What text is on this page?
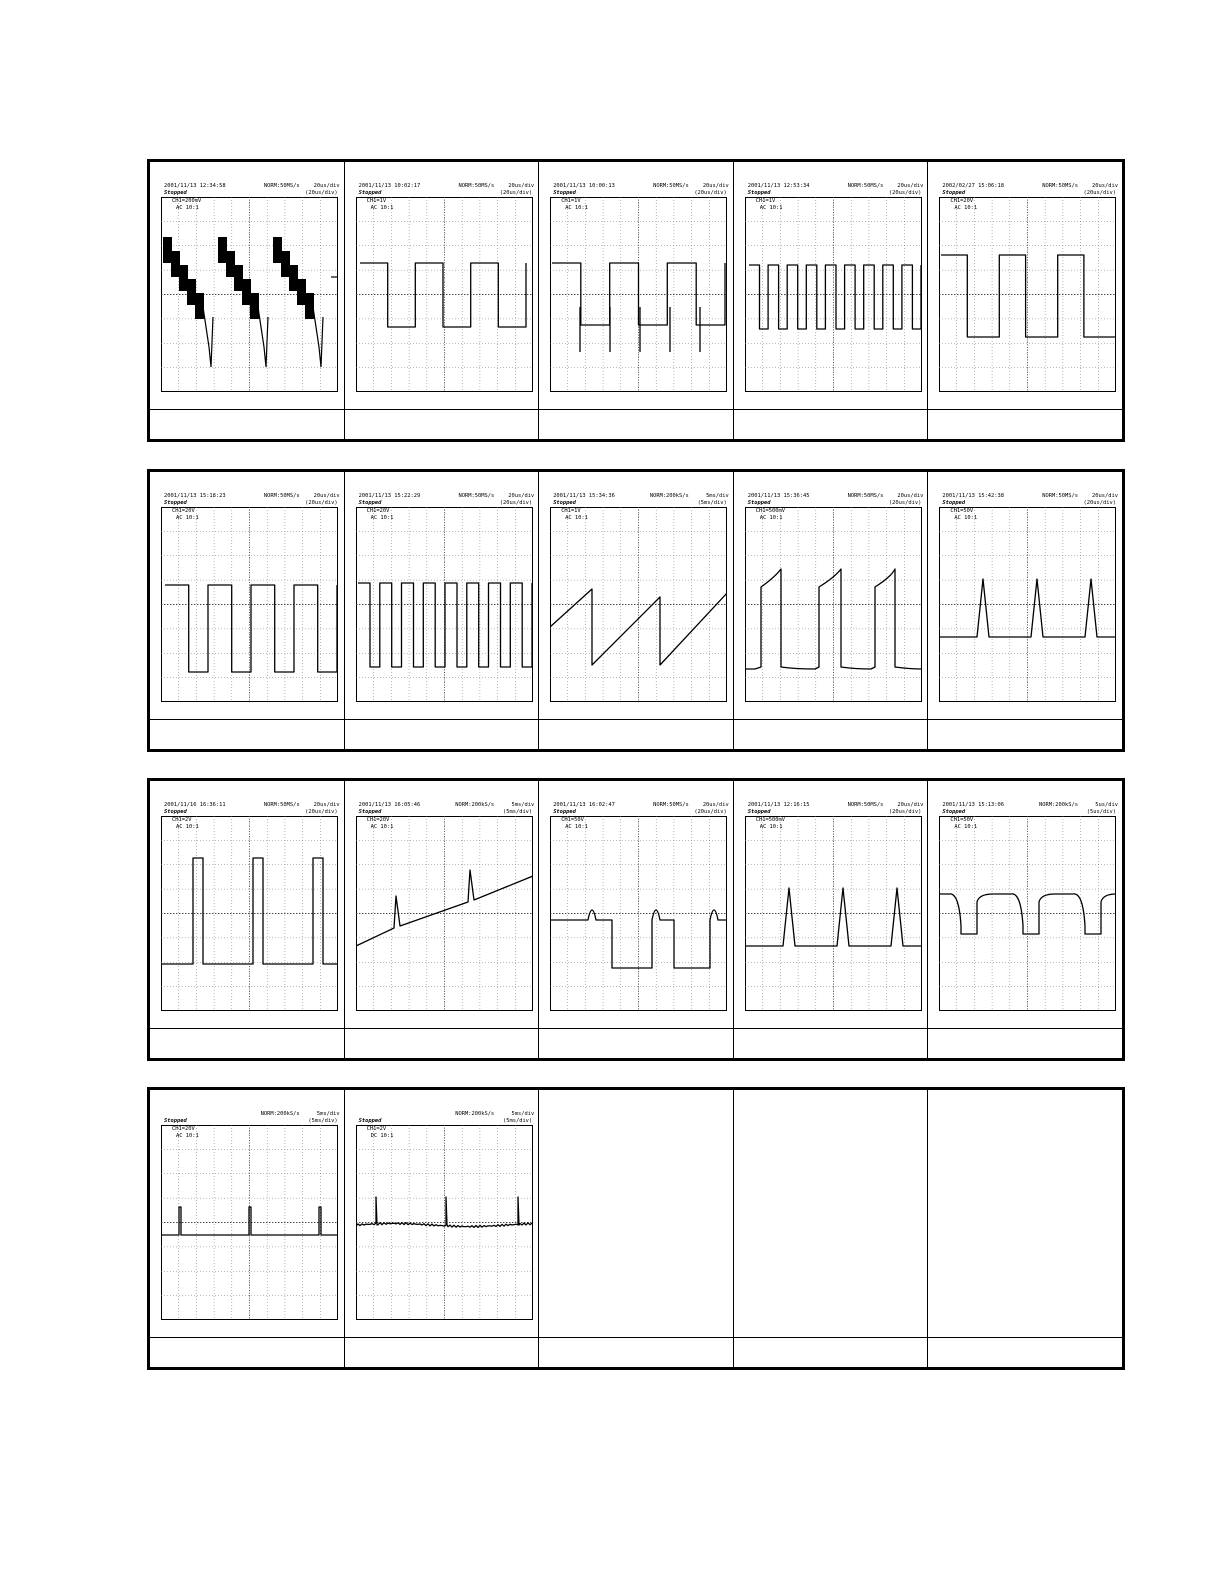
2001/11/13 12:34:58
Stopped
NORM:50MS/s	20us/div
(20us/div)
CH1=200mV
AC 10:1
2001/11/13 10:02:17
Stopped
NORM:50MS/s	20us/div
(20us/div)
CH1=1V
AC 10:1
2001/11/13 10:00:13
Stopped
NORM:50MS/s	20us/div
(20us/div)
CH1=1V
AC 10:1
2001/11/13 12:53:34
Stopped
NORM:50MS/s	20us/div
(20us/div)
CH1=1V
AC 10:1
2002/02/27 15:06:18
Stopped
NORM:50MS/s	20us/div
(20us/div)
CH1=20V
AC 10:1
2001/11/13 15:18:23
Stopped
NORM:50MS/s	20us/div
(20us/div)
CH1=20V
AC 10:1
2001/11/13 15:22:29
Stopped
NORM:50MS/s	20us/div
(20us/div)
CH1=20V
AC 10:1
2001/11/13 15:34:36
Stopped
NORM:200kS/s	5ms/div
(5ms/div)
CH1=1V
AC 10:1
2001/11/13 15:36:45
Stopped
NORM:50MS/s	20us/div
(20us/div)
CH1=500mV
AC 10:1
2001/11/13 15:42:38
Stopped
NORM:50MS/s	20us/div
(20us/div)
CH1=50V
AC 10:1
2001/11/16 16:36:11
Stopped
NORM:50MS/s	20us/div
(20us/div)
CH1=2V
AC 10:1
2001/11/13 16:05:46
Stopped
NORM:200kS/s	5ms/div
(5ms/div)
CH1=20V
AC 10:1
2001/11/13 16:02:47
Stopped
NORM:50MS/s	20us/div
(20us/div)
CH1=50V
AC 10:1
2001/11/13 12:16:15
Stopped
NORM:50MS/s	20us/div
(20us/div)
CH1=500mV
AC 10:1
2001/11/13 15:13:06
Stopped
NORM:200kS/s	5us/div
(5us/div)
CH1=50V
AC 10:1
Stopped
NORM:200kS/s	5ms/div
(5ms/div)
CH1=20V
AC 10:1
Stopped
NORM:200kS/s	5ms/div
(5ms/div)
CH1=2V
DC 10:1
